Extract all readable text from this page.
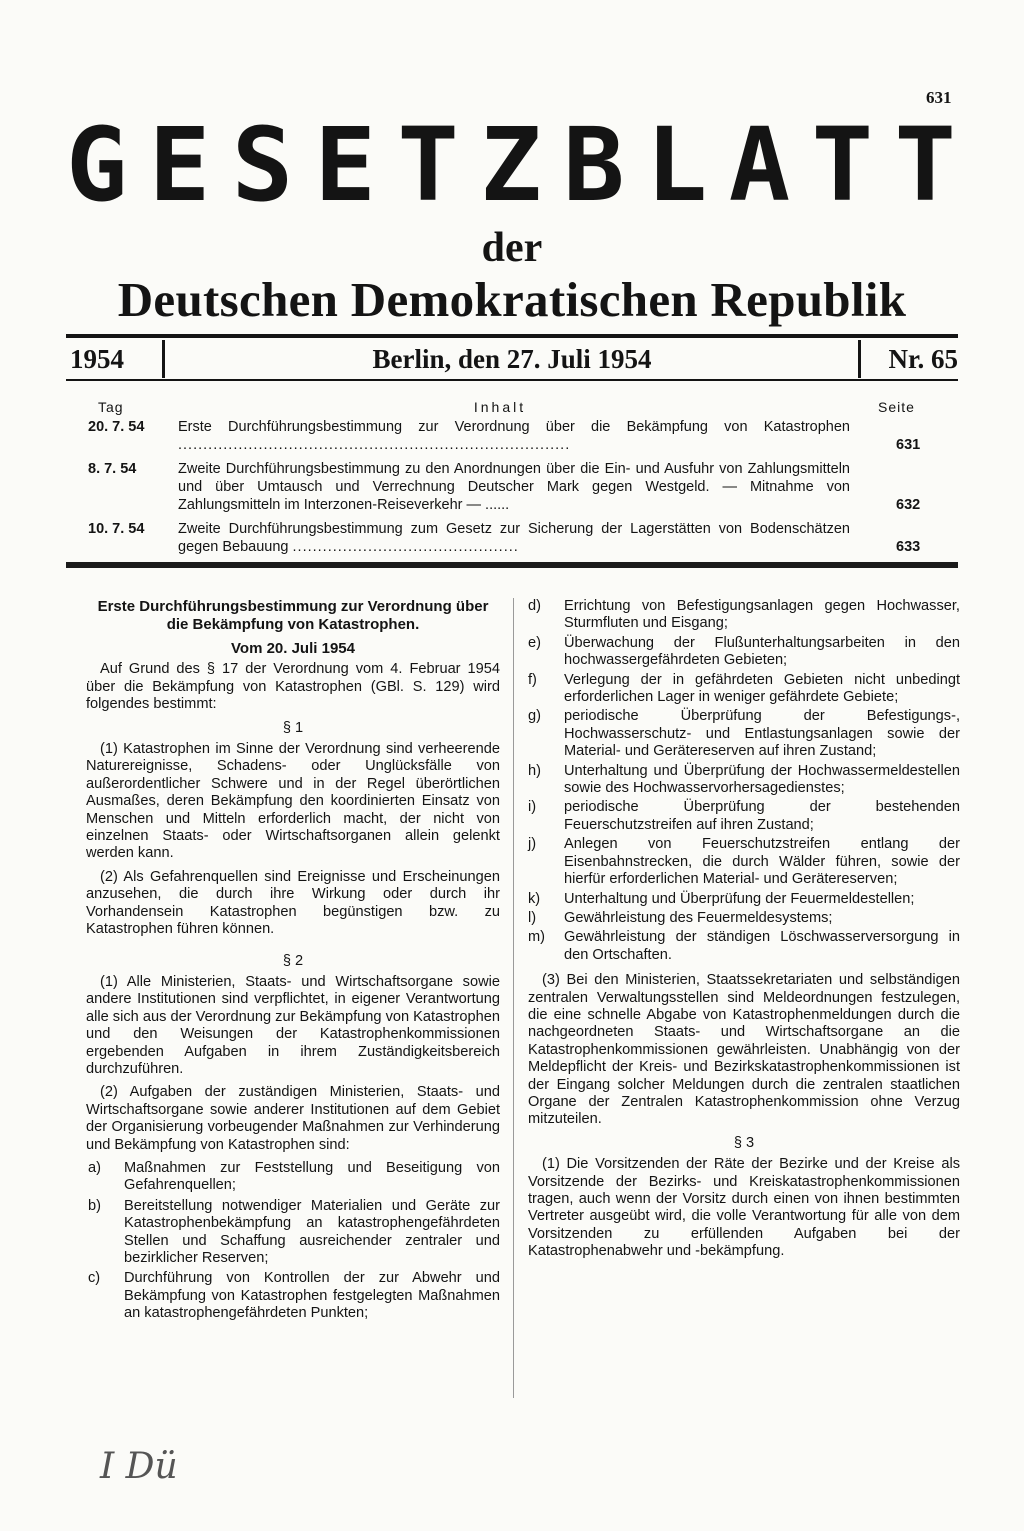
631
G E S E T Z B L A T T
der
Deutschen Demokratischen Republik
1954	Berlin, den 27. Juli 1954	Nr. 65
Tag	Inhalt	Seite
20. 7. 54 Erste Durchführungsbestimmung zur Verordnung über die Bekämpfung von Katastrophen ..............................................................................	631
8. 7. 54	Zweite Durchführungsbestimmung zu den Anordnungen über die Ein- und Ausfuhr von Zahlungsmitteln und über Umtausch und Verrechnung Deutscher Mark gegen Westgeld. — Mitnahme von Zahlungsmitteln im Interzonen-Reiseverkehr — ......	632
10. 7. 54 Zweite Durchführungsbestimmung zum Gesetz zur Sicherung der Lagerstätten von Bodenschätzen gegen Bebauung .............................................	633
Erste Durchführungsbestimmung zur Verordnung über die Bekämpfung von Katastrophen.
Vom 20. Juli 1954

Auf Grund des § 17 der Verordnung vom 4. Februar 1954 über die Bekämpfung von Katastrophen (GBl. S. 129) wird folgendes bestimmt:

§ 1

(1) Katastrophen im Sinne der Verordnung sind verheerende Naturereignisse, Schadens- oder Unglücksfälle von außerordentlicher Schwere und in der Regel überörtlichen Ausmaßes, deren Bekämpfung den koordinierten Einsatz von Menschen und Mitteln erforderlich macht, der nicht von einzelnen Staats- oder Wirtschaftsorganen allein gelenkt werden kann.

(2) Als Gefahrenquellen sind Ereignisse und Erscheinungen anzusehen, die durch ihre Wirkung oder durch ihr Vorhandensein Katastrophen begünstigen bzw. zu Katastrophen führen können.

§ 2

(1) Alle Ministerien, Staats- und Wirtschaftsorgane sowie andere Institutionen sind verpflichtet, in eigener Verantwortung alle sich aus der Verordnung zur Bekämpfung von Katastrophen und den Weisungen der Katastrophenkommissionen ergebenden Aufgaben in ihrem Zuständigkeitsbereich durchzuführen.

(2) Aufgaben der zuständigen Ministerien, Staats- und Wirtschaftsorgane sowie anderer Institutionen auf dem Gebiet der Organisierung vorbeugender Maßnahmen zur Verhinderung und Bekämpfung von Katastrophen sind:

a) Maßnahmen zur Feststellung und Beseitigung von Gefahrenquellen;
b) Bereitstellung notwendiger Materialien und Geräte zur Katastrophenbekämpfung an katastrophengefährdeten Stellen und Schaffung ausreichender zentraler und bezirklicher Reserven;
c) Durchführung von Kontrollen der zur Abwehr und Bekämpfung von Katastrophen festgelegten Maßnahmen an katastrophengefährdeten Punkten;
d) Errichtung von Befestigungsanlagen gegen Hochwasser, Sturmfluten und Eisgang;
e) Überwachung der Flußunterhaltungsarbeiten in den hochwassergefährdeten Gebieten;
f) Verlegung der in gefährdeten Gebieten nicht unbedingt erforderlichen Lager in weniger gefährdete Gebiete;
g) periodische Überprüfung der Befestigungs-, Hochwasserschutz- und Entlastungsanlagen sowie der Material- und Gerätereserven auf ihren Zustand;
h) Unterhaltung und Überprüfung der Hochwassermeldestellen sowie des Hochwasservorhersagedienstes;
i) periodische Überprüfung der bestehenden Feuerschutzstreifen auf ihren Zustand;
j) Anlegen von Feuerschutzstreifen entlang der Eisenbahnstrecken, die durch Wälder führen, sowie der hierfür erforderlichen Material- und Gerätereserven;
k) Unterhaltung und Überprüfung der Feuermeldestellen;
l) Gewährleistung des Feuermeldesystems;
m) Gewährleistung der ständigen Löschwasserversorgung in den Ortschaften.

(3) Bei den Ministerien, Staatssekretariaten und selbständigen zentralen Verwaltungsstellen sind Meldeordnungen festzulegen, die eine schnelle Abgabe von Katastrophenmeldungen durch die nachgeordneten Staats- und Wirtschaftsorgane an die Katastrophenkommissionen gewährleisten. Unabhängig von der Meldepflicht der Kreis- und Bezirkskatastrophenkommissionen ist der Eingang solcher Meldungen durch die zentralen staatlichen Organe der Zentralen Katastrophenkommission ohne Verzug mitzuteilen.

§ 3

(1) Die Vorsitzenden der Räte der Bezirke und der Kreise als Vorsitzende der Bezirks- und Kreiskatastrophenkommissionen tragen, auch wenn der Vorsitz durch einen von ihnen bestimmten Vertreter ausgeübt wird, die volle Verantwortung für alle von dem Vorsitzenden zu erfüllenden Aufgaben bei der Katastrophenabwehr und -bekämpfung.

I Dü
